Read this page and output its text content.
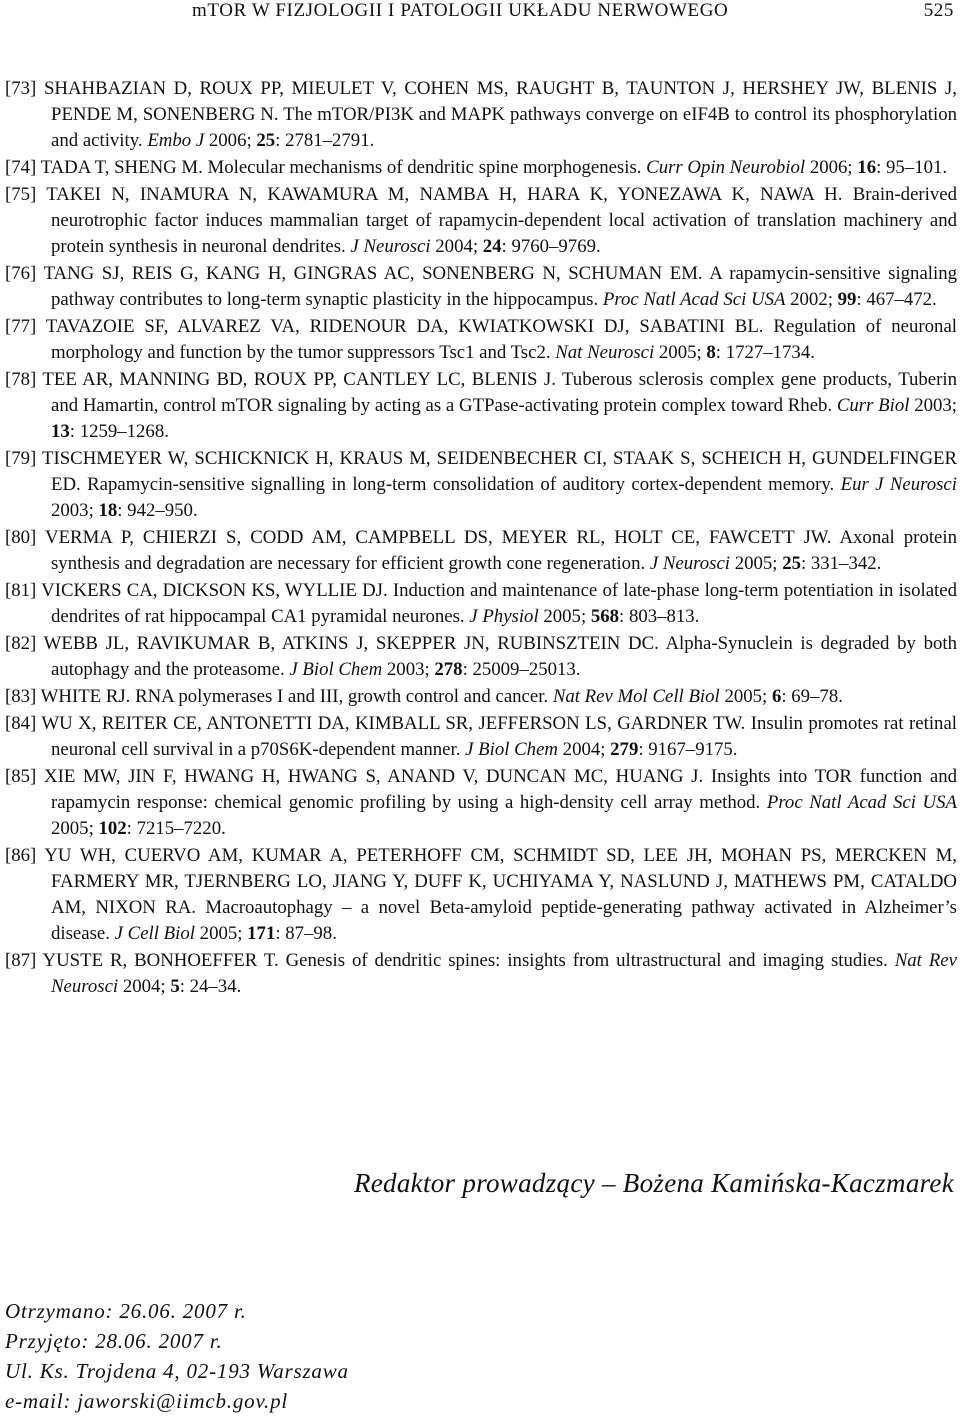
mTOR W FIZJOLOGII I PATOLOGII UKŁADU NERWOWEGO	525
[73] SHAHBAZIAN D, ROUX PP, MIEULET V, COHEN MS, RAUGHT B, TAUNTON J, HERSHEY JW, BLENIS J, PENDE M, SONENBERG N. The mTOR/PI3K and MAPK pathways converge on eIF4B to control its phosphorylation and activity. Embo J 2006; 25: 2781–2791.
[74] TADA T, SHENG M. Molecular mechanisms of dendritic spine morphogenesis. Curr Opin Neurobiol 2006; 16: 95–101.
[75] TAKEI N, INAMURA N, KAWAMURA M, NAMBA H, HARA K, YONEZAWA K, NAWA H. Brain-derived neurotrophic factor induces mammalian target of rapamycin-dependent local activation of translation machinery and protein synthesis in neuronal dendrites. J Neurosci 2004; 24: 9760–9769.
[76] TANG SJ, REIS G, KANG H, GINGRAS AC, SONENBERG N, SCHUMAN EM. A rapamycin-sensitive signaling pathway contributes to long-term synaptic plasticity in the hippocampus. Proc Natl Acad Sci USA 2002; 99: 467–472.
[77] TAVAZOIE SF, ALVAREZ VA, RIDENOUR DA, KWIATKOWSKI DJ, SABATINI BL. Regulation of neuronal morphology and function by the tumor suppressors Tsc1 and Tsc2. Nat Neurosci 2005; 8: 1727–1734.
[78] TEE AR, MANNING BD, ROUX PP, CANTLEY LC, BLENIS J. Tuberous sclerosis complex gene products, Tuberin and Hamartin, control mTOR signaling by acting as a GTPase-activating protein complex toward Rheb. Curr Biol 2003; 13: 1259–1268.
[79] TISCHMEYER W, SCHICKNICK H, KRAUS M, SEIDENBECHER CI, STAAK S, SCHEICH H, GUNDELFINGER ED. Rapamycin-sensitive signalling in long-term consolidation of auditory cortex-dependent memory. Eur J Neurosci 2003; 18: 942–950.
[80] VERMA P, CHIERZI S, CODD AM, CAMPBELL DS, MEYER RL, HOLT CE, FAWCETT JW. Axonal protein synthesis and degradation are necessary for efficient growth cone regeneration. J Neurosci 2005; 25: 331–342.
[81] VICKERS CA, DICKSON KS, WYLLIE DJ. Induction and maintenance of late-phase long-term potentiation in isolated dendrites of rat hippocampal CA1 pyramidal neurones. J Physiol 2005; 568: 803–813.
[82] WEBB JL, RAVIKUMAR B, ATKINS J, SKEPPER JN, RUBINSZTEIN DC. Alpha-Synuclein is degraded by both autophagy and the proteasome. J Biol Chem 2003; 278: 25009–25013.
[83] WHITE RJ. RNA polymerases I and III, growth control and cancer. Nat Rev Mol Cell Biol 2005; 6: 69–78.
[84] WU X, REITER CE, ANTONETTI DA, KIMBALL SR, JEFFERSON LS, GARDNER TW. Insulin promotes rat retinal neuronal cell survival in a p70S6K-dependent manner. J Biol Chem 2004; 279: 9167–9175.
[85] XIE MW, JIN F, HWANG H, HWANG S, ANAND V, DUNCAN MC, HUANG J. Insights into TOR function and rapamycin response: chemical genomic profiling by using a high-density cell array method. Proc Natl Acad Sci USA 2005; 102: 7215–7220.
[86] YU WH, CUERVO AM, KUMAR A, PETERHOFF CM, SCHMIDT SD, LEE JH, MOHAN PS, MERCKEN M, FARMERY MR, TJERNBERG LO, JIANG Y, DUFF K, UCHIYAMA Y, NASLUND J, MATHEWS PM, CATALDO AM, NIXON RA. Macroautophagy – a novel Beta-amyloid peptide-generating pathway activated in Alzheimer’s disease. J Cell Biol 2005; 171: 87–98.
[87] YUSTE R, BONHOEFFER T. Genesis of dendritic spines: insights from ultrastructural and imaging studies. Nat Rev Neurosci 2004; 5: 24–34.
Redaktor prowadzący – Bożena Kamińska-Kaczmarek
Otrzymano: 26.06. 2007 r.
Przyjęto: 28.06. 2007 r.
Ul. Ks. Trojdena 4, 02-193 Warszawa
e-mail: jaworski@iimcb.gov.pl
